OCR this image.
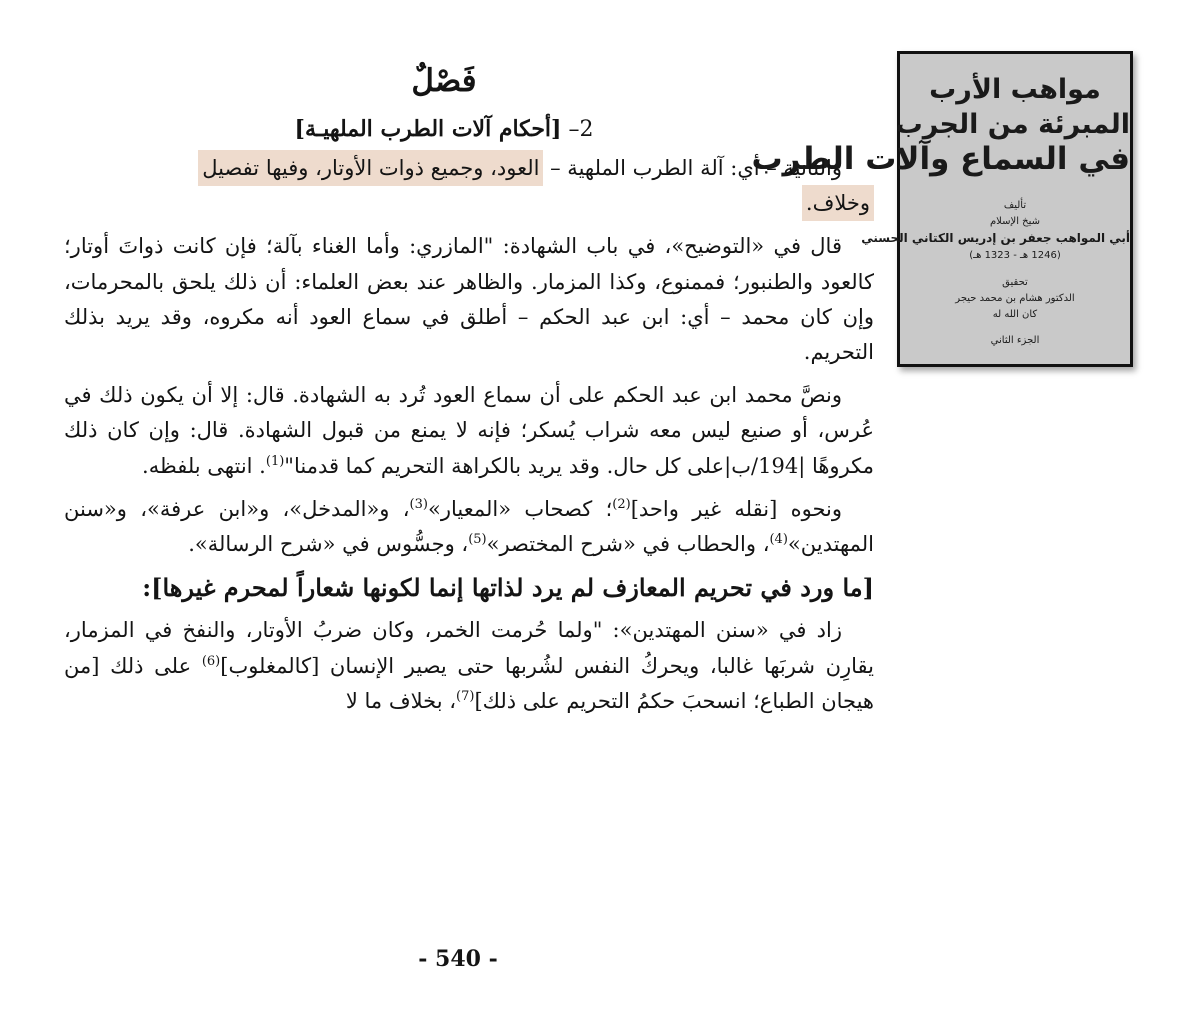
مواهب الأرب
المبرئة من الجرب
في السماع وآلات الطرب
تأليف
شيخ الإسلام
أبي المواهب جعفر بن إدريس الكتاني الحسني
(1246 هـ - 1323 هـ)
تحقيق
الدكتور هشام بن محمد حيجر
كان الله له
الجزء الثاني
فَصْلٌ
2– [أحكام آلات الطرب الملهيـة]

والثانية – أي: آلة الطرب الملهية – العود، وجميع ذوات الأوتار، وفيها تفصيل
وخلاف.

قال في «التوضيح»، في باب الشهادة: "المازري: وأما الغناء بآلة؛ فإن كانت ذواتَ أوتار؛ كالعود والطنبور؛ فممنوع، وكذا المزمار. والظاهر عند بعض العلماء: أن ذلك يلحق بالمحرمات، وإن كان محمد – أي: ابن عبد الحكم – أطلق في سماع العود أنه مكروه، وقد يريد بذلك التحريم.

ونصَّ محمد ابن عبد الحكم على أن سماع العود تُرد به الشهادة. قال: إلا أن يكون ذلك في عُرس، أو صنيع ليس معه شراب يُسكر؛ فإنه لا يمنع من قبول الشهادة. قال: وإن كان ذلك مكروهًا |194/ب|على كل حال. وقد يريد بالكراهة التحريم كما قدمنا"$^{(1)}$. انتهى بلفظه.

ونحوه [نقله غير واحد]$^{(2)}$؛ كصحاب «المعيار»$^{(3)}$، و«المدخل»، و«ابن عرفة»، و«سنن المهتدين»$^{(4)}$، والحطاب في «شرح المختصر»$^{(5)}$، وجسُّوس في «شرح الرسالة».

[ما ورد في تحريم المعازف لم يرد لذاتها إنما لكونها شعاراً لمحرم غيرها]:

زاد في «سنن المهتدين»: "ولما حُرمت الخمر، وكان ضربُ الأوتار، والنفخ في المزمار، يقارِن شربَها غالبا، ويحركُ النفس لشُربها حتى يصير الإنسان [كالمغلوب]$^{(6)}$ على ذلك [من هيجان الطباع؛ انسحبَ حكمُ التحريم على ذلك]$^{(7)}$، بخلاف ما لا

- 540 -
